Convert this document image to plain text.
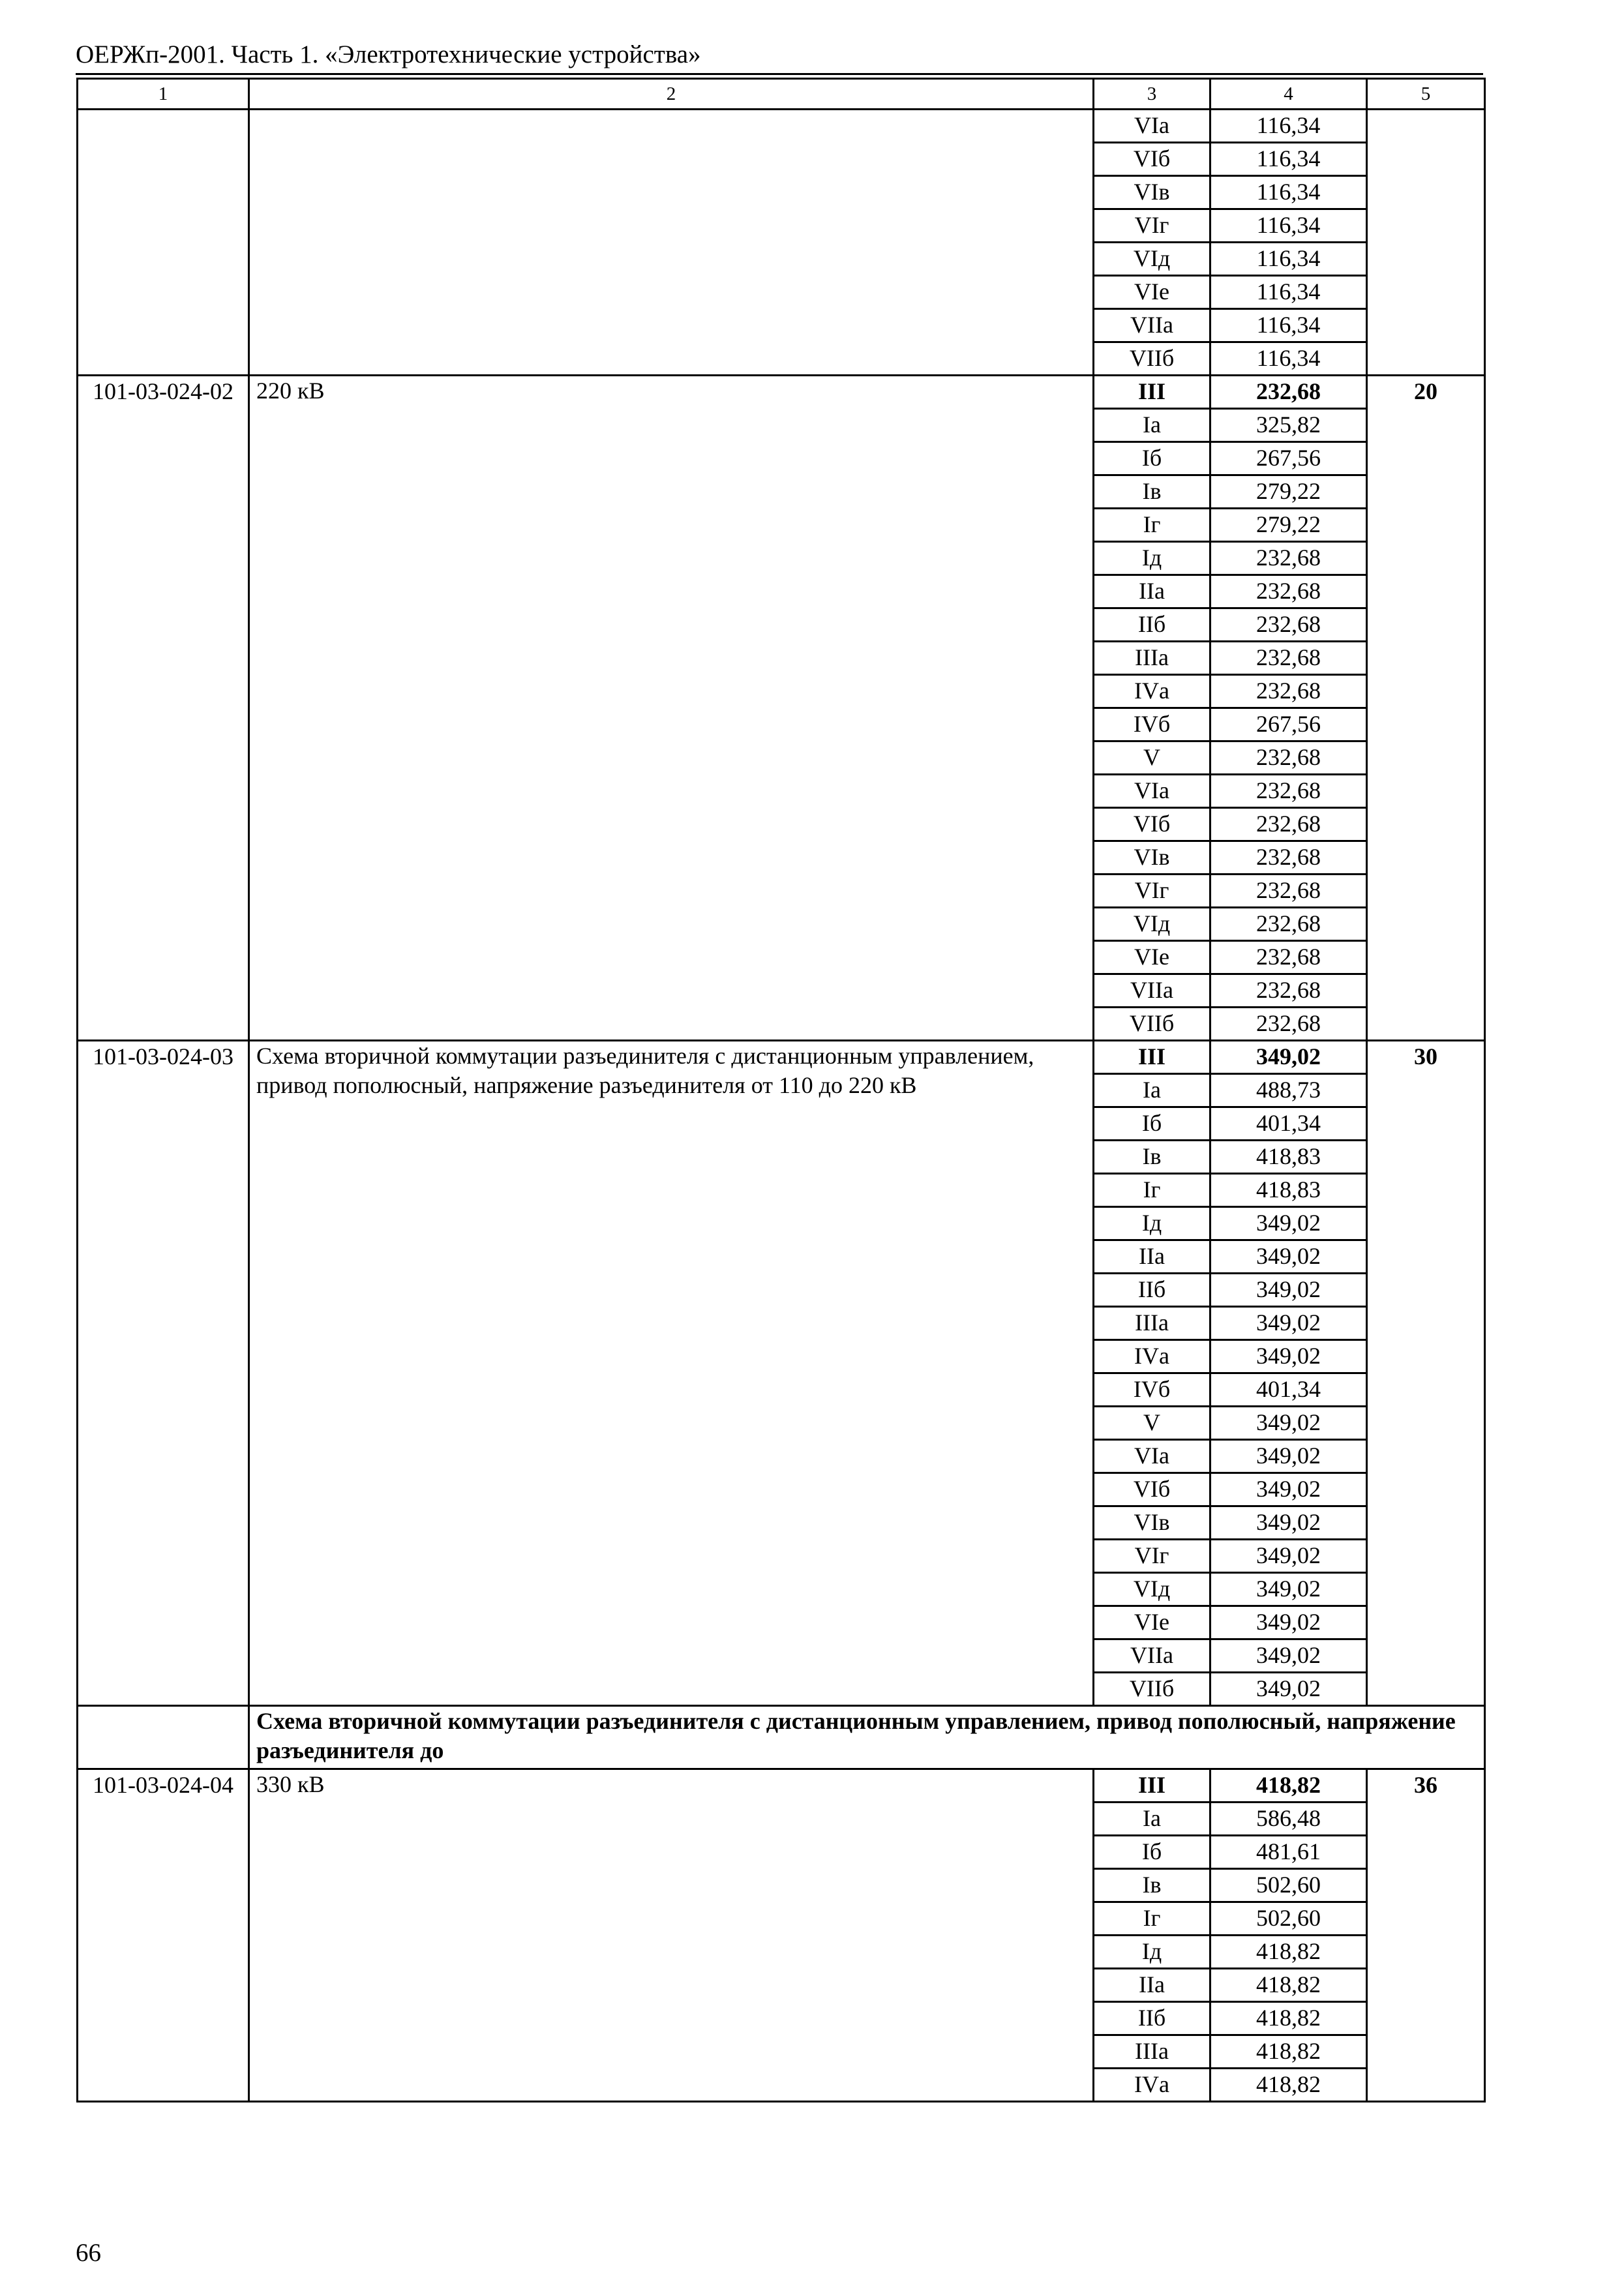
ОЕРЖп-2001. Часть 1. «Электротехнические устройства»
1	2	3	4	5
		VIа	116,34	
		VIб	116,34	
		VIв	116,34	
		VIг	116,34	
		VIд	116,34	
		VIе	116,34	
		VIIа	116,34	
		VIIб	116,34	
101-03-024-02	220 кВ	III	232,68	20
		Iа	325,82	
		Iб	267,56	
		Iв	279,22	
		Iг	279,22	
		Iд	232,68	
		IIа	232,68	
		IIб	232,68	
		IIIа	232,68	
		IVа	232,68	
		IVб	267,56	
		V	232,68	
		VIа	232,68	
		VIб	232,68	
		VIв	232,68	
		VIг	232,68	
		VIд	232,68	
		VIе	232,68	
		VIIа	232,68	
		VIIб	232,68	
101-03-024-03	Схема вторичной коммутации разъединителя с дистанционным управлением, привод пополюсный, напряжение разъединителя от 110 до 220 кВ	III	349,02	30
		Iа	488,73	
		Iб	401,34	
		Iв	418,83	
		Iг	418,83	
		Iд	349,02	
		IIа	349,02	
		IIб	349,02	
		IIIа	349,02	
		IVа	349,02	
		IVб	401,34	
		V	349,02	
		VIа	349,02	
		VIб	349,02	
		VIв	349,02	
		VIг	349,02	
		VIд	349,02	
		VIе	349,02	
		VIIа	349,02	
		VIIб	349,02	
	Схема вторичной коммутации разъединителя с дистанционным управлением, привод пополюсный, напряжение разъединителя до			
101-03-024-04	330 кВ	III	418,82	36
		Iа	586,48	
		Iб	481,61	
		Iв	502,60	
		Iг	502,60	
		Iд	418,82	
		IIа	418,82	
		IIб	418,82	
		IIIа	418,82	
		IVа	418,82	
66
